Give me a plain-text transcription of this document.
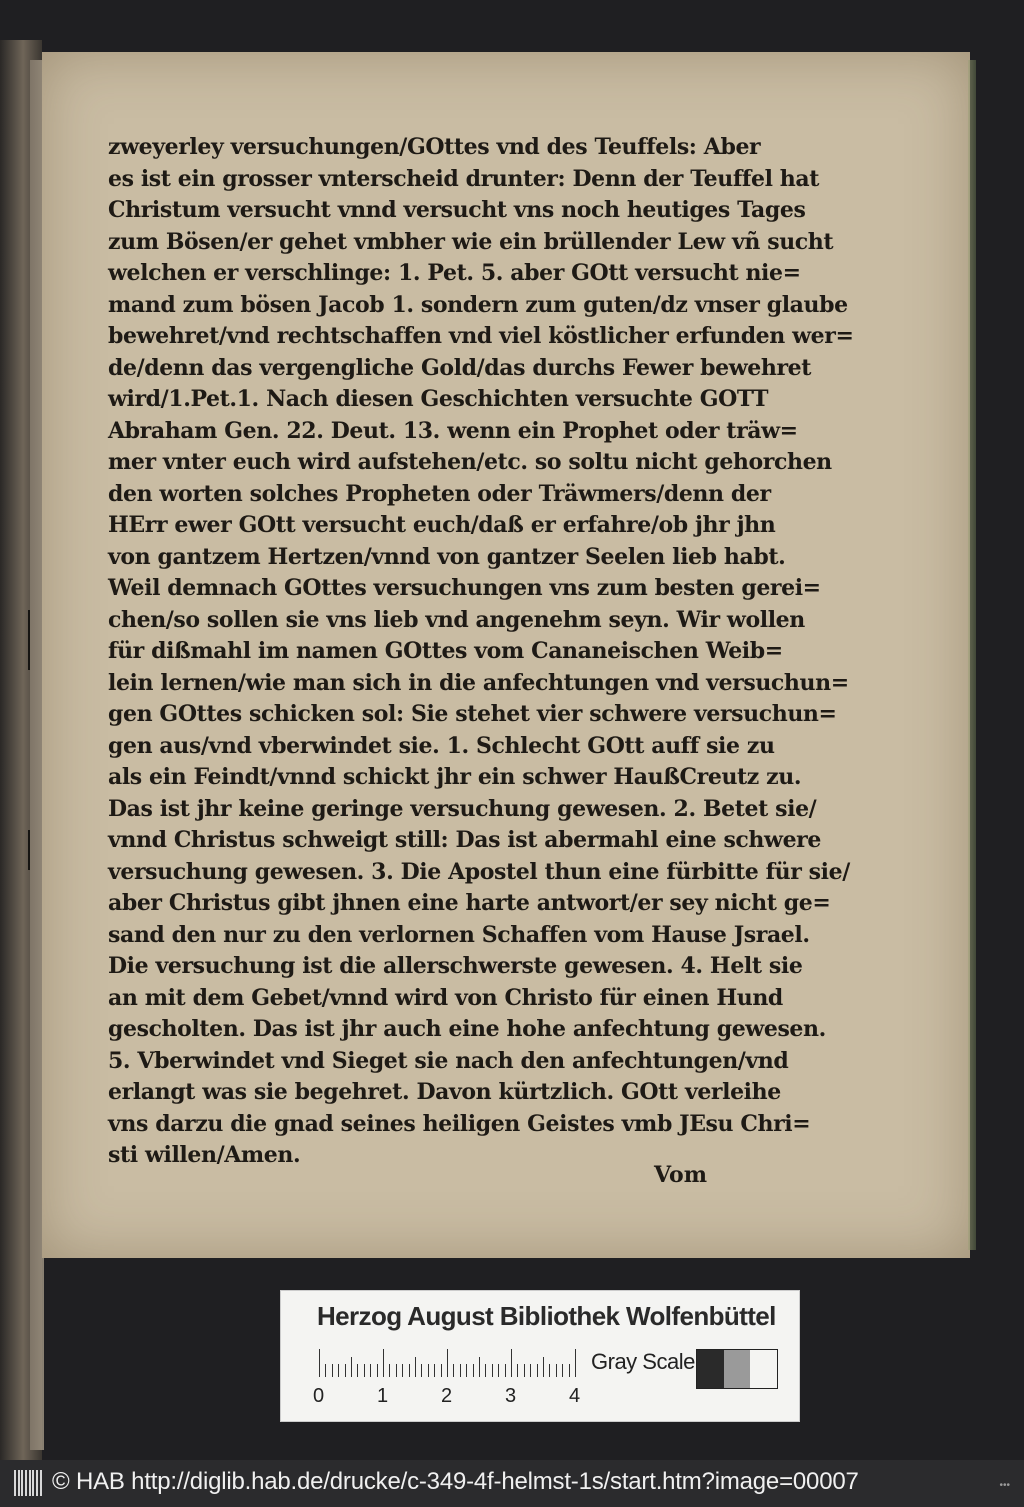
zweyerley versuchungen/GOttes vnd des Teuffels: Aber
es ist ein grosser vnterscheid drunter: Denn der Teuffel hat
Christum versucht vnnd versucht vns noch heutiges Tages
zum Bösen/er gehet vmbher wie ein brüllender Lew vñ sucht
welchen er verschlinge: 1. Pet. 5. aber GOtt versucht nie=
mand zum bösen Jacob 1. sondern zum guten/dz vnser glaube
bewehret/vnd rechtschaffen vnd viel köstlicher erfunden wer=
de/denn das vergengliche Gold/das durchs Fewer bewehret
wird/1.Pet.1. Nach diesen Geschichten versuchte GOTT
Abraham Gen. 22. Deut. 13. wenn ein Prophet oder träw=
mer vnter euch wird aufstehen/etc. so soltu nicht gehorchen
den worten solches Propheten oder Träwmers/denn der
HErr ewer GOtt versucht euch/daß er erfahre/ob jhr jhn
von gantzem Hertzen/vnnd von gantzer Seelen lieb habt.
Weil demnach GOttes versuchungen vns zum besten gerei=
chen/so sollen sie vns lieb vnd angenehm seyn. Wir wollen
für dißmahl im namen GOttes vom Cananeischen Weib=
lein lernen/wie man sich in die anfechtungen vnd versuchun=
gen GOttes schicken sol: Sie stehet vier schwere versuchun=
gen aus/vnd vberwindet sie. 1. Schlecht GOtt auff sie zu
als ein Feindt/vnnd schickt jhr ein schwer HaußCreutz zu.
Das ist jhr keine geringe versuchung gewesen. 2. Betet sie/
vnnd Christus schweigt still: Das ist abermahl eine schwere
versuchung gewesen. 3. Die Apostel thun eine fürbitte für sie/
aber Christus gibt jhnen eine harte antwort/er sey nicht ge=
sand den nur zu den verlornen Schaffen vom Hause Jsrael.
Die versuchung ist die allerschwerste gewesen. 4. Helt sie
an mit dem Gebet/vnnd wird von Christo für einen Hund
gescholten. Das ist jhr auch eine hohe anfechtung gewesen.
5. Vberwindet vnd Sieget sie nach den anfechtungen/vnd
erlangt was sie begehret. Davon kürtzlich. GOtt verleihe
vns darzu die gnad seines heiligen Geistes vmb JEsu Chri=
sti willen/Amen.
Vom
Herzog August Bibliothek Wolfenbüttel
0	1	2	3	4
Gray Scale
© HAB http://diglib.hab.de/drucke/c-349-4f-helmst-1s/start.htm?image=00007	•••
